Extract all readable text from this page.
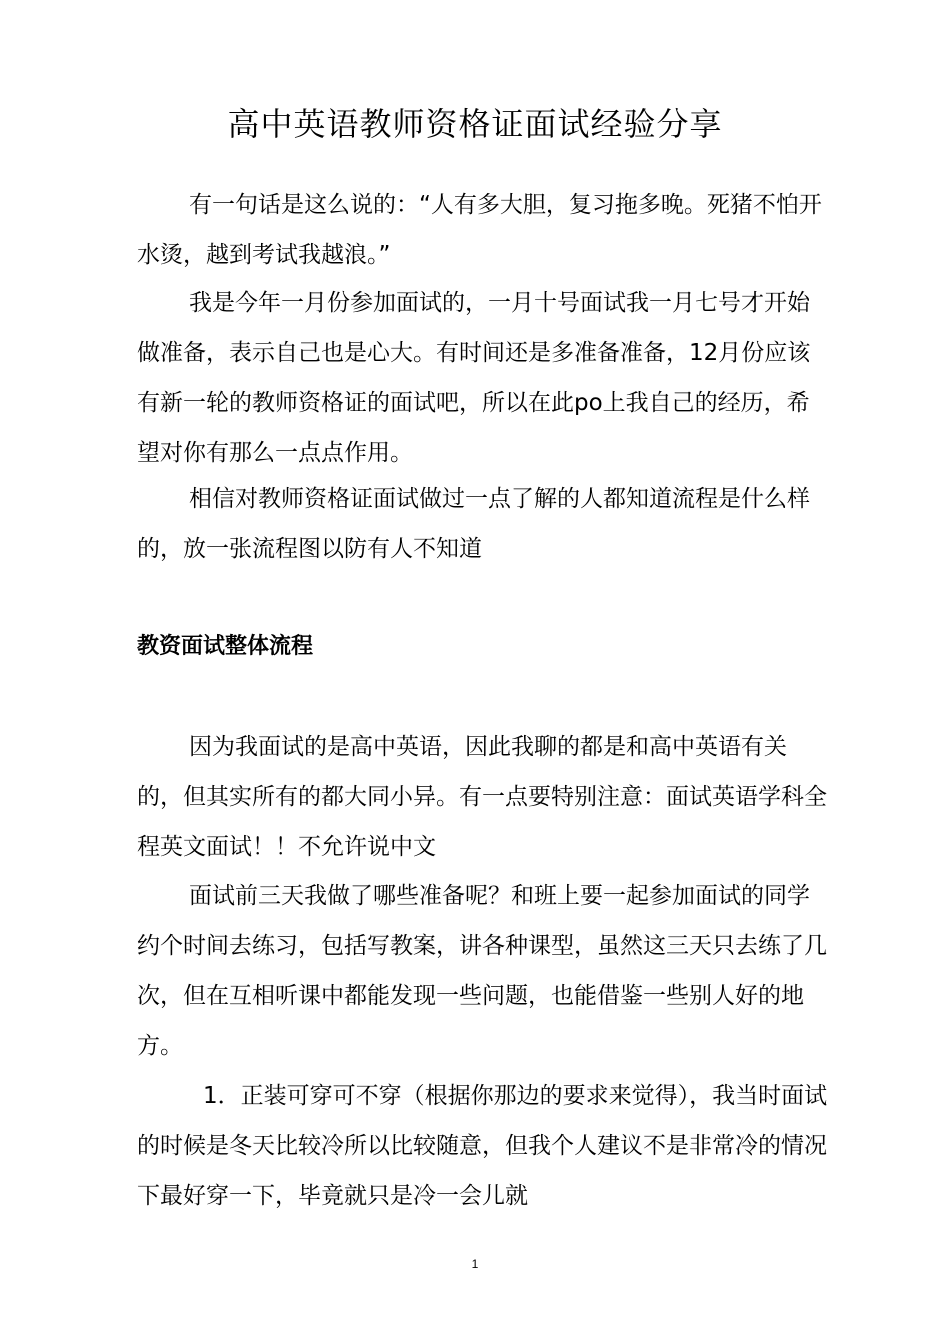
高中英语教师资格证面试经验分享

有一句话是这么说的：“人有多大胆，复习拖多晚。死猪不怕开水烫，越到考试我越浪。”

我是今年一月份参加面试的，一月十号面试我一月七号才开始做准备，表示自己也是心大。有时间还是多准备准备，12月份应该有新一轮的教师资格证的面试吧，所以在此po上我自己的经历，希望对你有那么一点点作用。

相信对教师资格证面试做过一点了解的人都知道流程是什么样的，放一张流程图以防有人不知道

教资面试整体流程

因为我面试的是高中英语，因此我聊的都是和高中英语有关的，但其实所有的都大同小异。有一点要特别注意：面试英语学科全程英文面试！！不允许说中文

面试前三天我做了哪些准备呢？和班上要一起参加面试的同学约个时间去练习，包括写教案，讲各种课型，虽然这三天只去练了几次，但在互相听课中都能发现一些问题，也能借鉴一些别人好的地方。

1．正装可穿可不穿（根据你那边的要求来觉得），我当时面试的时候是冬天比较冷所以比较随意，但我个人建议不是非常冷的情况下最好穿一下，毕竟就只是冷一会儿就

1
